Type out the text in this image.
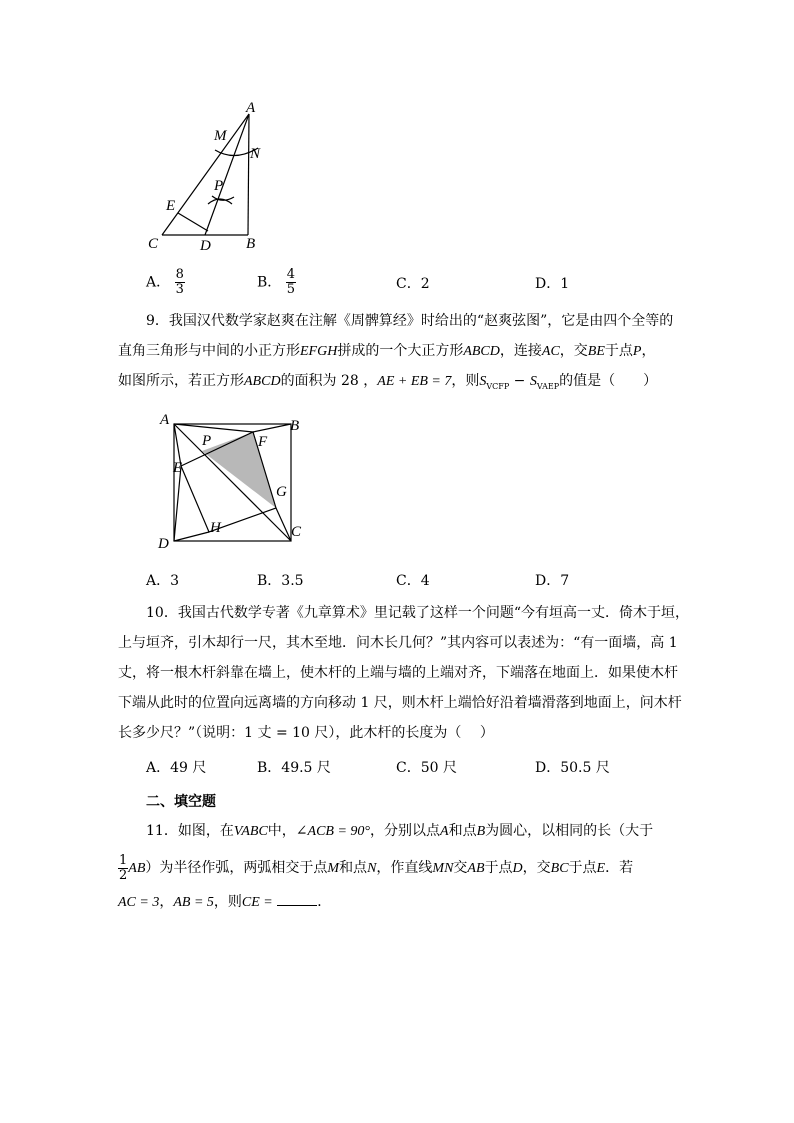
A
M
N
P
E
C	D B
A． $\frac{8}{3}$	B． $\frac{4}{5}$	C．2	D．1
9．我国汉代数学家赵爽在注解《周髀算经》时给出的“赵爽弦图”，它是由四个全等的
直角三角形与中间的小正方形EFGH拼成的一个大正方形ABCD，连接AC，交BE于点P，
如图所示，若正方形ABCD的面积为 28 ，AE + EB = 7，则$S_{VCFP} - S_{VAEP}$的值是（　　）
A	B
C
D
E
F
G
H
P
A．3	B．3.5	C．4	D．7
10．我国古代数学专著《九章算术》里记载了这样一个问题“今有垣高一丈．倚木于垣，
上与垣齐，引木却行一尺，其木至地．问木长几何？”其内容可以表述为：“有一面墙，高 1
丈，将一根木杆斜靠在墙上，使木杆的上端与墙的上端对齐，下端落在地面上．如果使木杆
下端从此时的位置向远离墙的方向移动 1 尺，则木杆上端恰好沿着墙滑落到地面上，问木杆
长多少尺？”（说明：1 丈 = 10 尺），此木杆的长度为（　 ）
A．49 尺	B．49.5 尺	C．50 尺	D．50.5 尺
二、填空题
11．如图，在VABC中，∠ACB = 90°，分别以点A和点B为圆心，以相同的长（大于
$\frac{1}{2} AB$）为半径作弧，两弧相交于点M和点N，作直线MN交AB于点D，交BC于点E．若
AC = 3，AB = 5，则CE =	．
